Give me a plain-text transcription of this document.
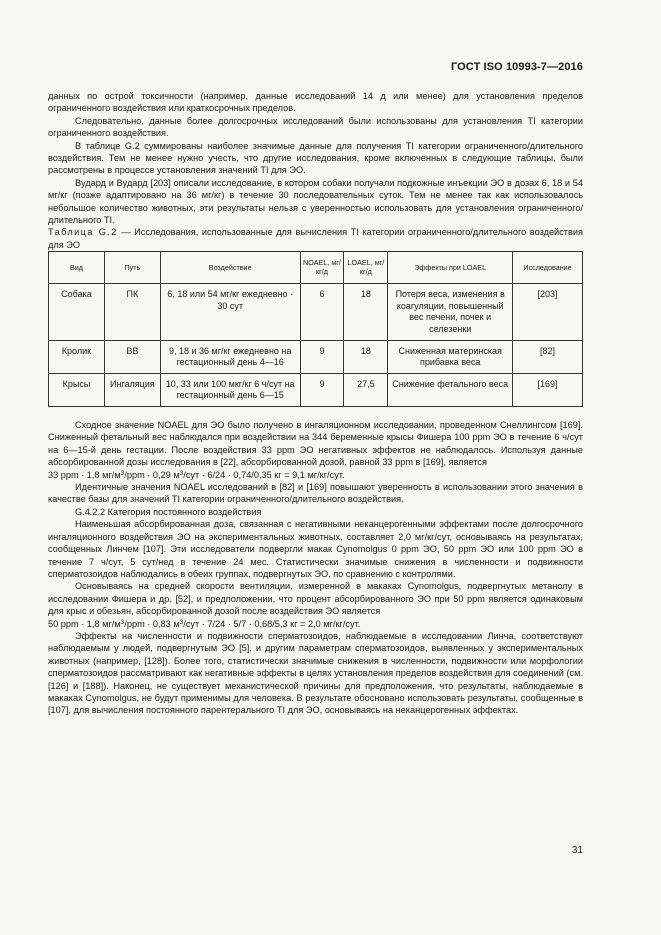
ГОСТ ISO 10993-7—2016

данных по острой токсичности (например, данные исследований 14 д или менее) для установления пределов ограниченного воздействия или краткосрочных пределов.

Следовательно, данные более долгосрочных исследований были использованы для установления TI категории ограниченного воздействия.

В таблице G.2 суммированы наиболее значимые данные для получения TI категории ограниченного/длительного воздействия. Тем не менее нужно учесть, что другие исследования, кроме включенных в следующие таблицы, были рассмотрены в процессе установления значений TI для ЭО.

Вудард и Вудард [203] описали исследование, в котором собаки получали подкожные инъекции ЭО в дозах 6, 18 и 54 мг/кг (позже адаптировано на 36 мг/кг) в течение 30 последовательных суток. Тем не менее так как использовалось небольшое количество животных, эти результаты нельзя с уверенностью использовать для установления ограниченного/длительного TI.

Таблица G.2 — Исследования, использованные для вычисления TI категории ограниченного/длительного воздействия для ЭО

Вид	Путь	Воздействие	NOAEL, мг/кг/д	LOAEL, мг/кг/д	Эффекты при LOAEL	Исследование
Собака	ПК	6, 18 или 54 мг/кг ежедневно · 30 сут	6	18	Потеря веса, изменения в коагуляции, повышенный вес печени, почек и селезенки	[203]
Кролик	ВВ	9, 18 и 36 мг/кг ежедневно на гестационный день 4—16	9	18	Сниженная материнская прибавка веса	[82]
Крысы	Ингаляция	10, 33 или 100 мкг/кг 6 ч/сут на гестационный день 6—15	9	27,5	Снижение фетального веса	[169]

Сходное значение NOAEL для ЭО было получено в ингаляционном исследовании, проведенном Снеллингсом [169]. Сниженный фетальный вес наблюдался при воздействии на 344 беременные крысы Фишера 100 ppm ЭО в течение 6 ч/сут на 6—15-й день гестации. После воздействия 33 ppm ЭО негативных эффектов не наблюдалось. Используя данные абсорбированной дозы исследования в [22], абсорбированной дозой, равной 33 ppm в [169], является

33 ppm · 1,8 $мг/м^3$/ppm · 0,29 $м^3$/сут · 6/24 · 0,74/0,35 кг = 9,1 мг/кг/сут.

Идентичные значения NOAEL исследований в [82] и [169] повышают уверенность в использовании этого значения в качестве базы для значений TI категории ограниченного/длительного воздействия.

G.4.2.2 Категория постоянного воздействия

Наименьшая абсорбированная доза, связанная с негативными неканцерогенными эффектами после долгосрочного ингаляционного воздействия ЭО на экспериментальных животных, составляет 2,0 мг/кг/сут, основываясь на результатах, сообщенных Линчем [107]. Эти исследователи подвергли макак Cynomolgus 0 ppm ЭО, 50 ppm ЭО или 100 ppm ЭО в течение 7 ч/сут, 5 сут/нед в течение 24 мес. Статистически значимые снижения в численности и подвижности сперматозоидов наблюдались в обеих группах, подвергнутых ЭО, по сравнению с контролями.

Основываясь на средней скорости вентиляции, измеренной в макаках Cynomolgus, подвергнутых метанолу в исследовании Фишера и др. [52], и предположении, что процент абсорбированного ЭО при 50 ppm является одинаковым для крыс и обезьян, абсорбированной дозой после воздействия ЭО является

50 ppm · 1,8 $мг/м^3$/ppm · 0,83 $м^3$/сут · 7/24 · 5/7 · 0,68/5,3 кг = 2,0 мг/кг/сут.

Эффекты на численности и подвижности сперматозоидов, наблюдаемые в исследовании Линча, соответствуют наблюдаемым у людей, подвергнутым ЭО [5], и другим параметрам сперматозоидов, выявленных у экспериментальных животных (например, [128]). Более того, статистически значимые снижения в численности, подвижности или морфологии сперматозоидов рассматривают как негативные эффекты в целях установления пределов воздействия для соединений (см. [126] и [188]). Наконец, не существует механистической причины для предположения, что результаты, наблюдаемые в макаках Cynomolgus, не будут применимы для человека. В результате обосновано использовать результаты, сообщенные в [107], для вычисления постоянного парентерального TI для ЭО, основываясь на неканцерогенных эффектах.

31
